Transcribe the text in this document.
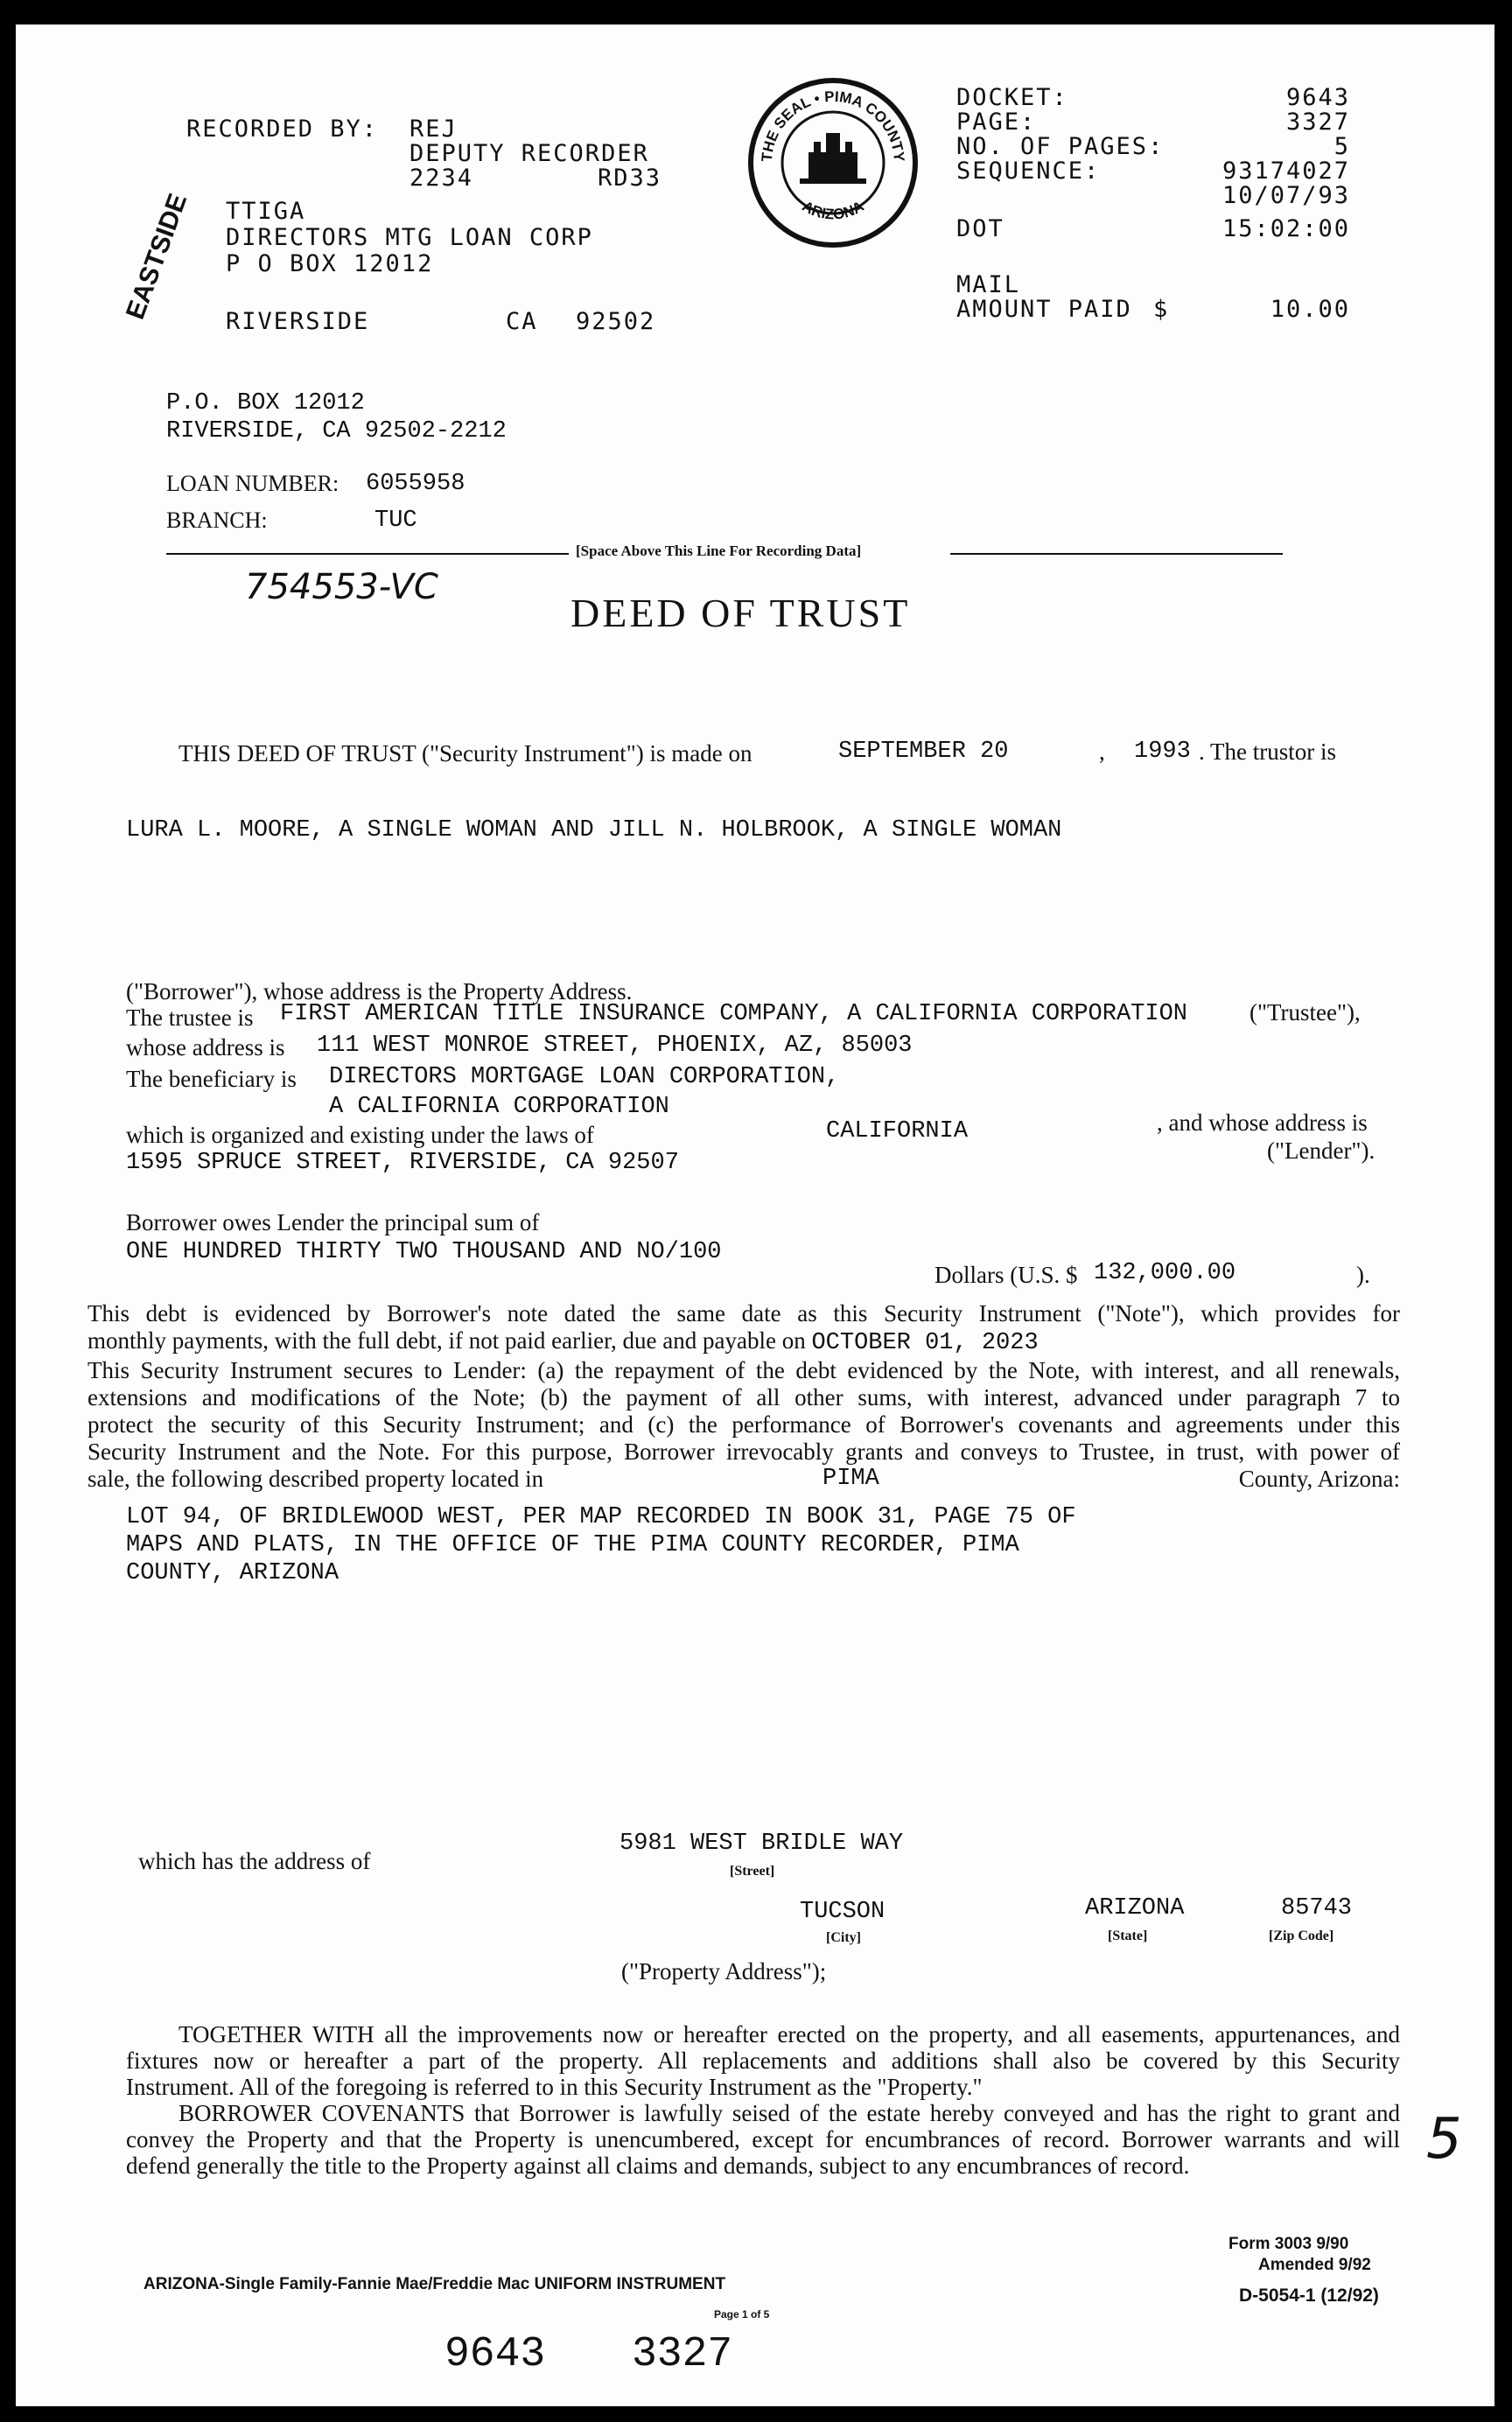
RECORDED BY: REJ
DEPUTY RECORDER
2234	RD33
TTIGA
DIRECTORS MTG LOAN CORP
P O BOX 12012
RIVERSIDE	CA 92502
EASTSIDE
DOCKET:	9643
PAGE:	3327
NO. OF PAGES:	5
SEQUENCE:	93174027
10/07/93
DOT	15:02:00
MAIL
AMOUNT PAID $	10.00
THE SEAL • PIMA COUNTY
ARIZONA
P.O. BOX 12012
RIVERSIDE, CA 92502-2212
LOAN NUMBER: 6055958
BRANCH:	TUC
[Space Above This Line For Recording Data]
754553-VC
DEED OF TRUST
THIS DEED OF TRUST ("Security Instrument") is made on	SEPTEMBER 20	, 1993 . The trustor is
LURA L. MOORE, A SINGLE WOMAN AND JILL N. HOLBROOK, A SINGLE WOMAN
("Borrower"), whose address is the Property Address.
The trustee is FIRST AMERICAN TITLE INSURANCE COMPANY, A CALIFORNIA CORPORATION	("Trustee"),
whose address is 111 WEST MONROE STREET, PHOENIX, AZ, 85003
The beneficiary is DIRECTORS MORTGAGE LOAN CORPORATION,
A CALIFORNIA CORPORATION
which is organized and existing under the laws of	CALIFORNIA	, and whose address is
1595 SPRUCE STREET, RIVERSIDE, CA 92507	("Lender").
Borrower owes Lender the principal sum of
ONE HUNDRED THIRTY TWO THOUSAND AND NO/100
Dollars (U.S. $ 132,000.00	).
This debt is evidenced by Borrower's note dated the same date as this Security Instrument ("Note"), which provides for
monthly payments, with the full debt, if not paid earlier, due and payable on OCTOBER 01, 2023
This Security Instrument secures to Lender: (a) the repayment of the debt evidenced by the Note, with interest, and all renewals,
extensions and modifications of the Note; (b) the payment of all other sums, with interest, advanced under paragraph 7 to
protect the security of this Security Instrument; and (c) the performance of Borrower's covenants and agreements under this
Security Instrument and the Note. For this purpose, Borrower irrevocably grants and conveys to Trustee, in trust, with power of
sale, the following described property located in	PIMA	County, Arizona:
LOT 94, OF BRIDLEWOOD WEST, PER MAP RECORDED IN BOOK 31, PAGE 75 OF
MAPS AND PLATS, IN THE OFFICE OF THE PIMA COUNTY RECORDER, PIMA
COUNTY, ARIZONA
which has the address of
5981 WEST BRIDLE WAY
[Street]
TUCSON
[City]
ARIZONA
[State]
85743
[Zip Code]
("Property Address");
TOGETHER WITH all the improvements now or hereafter erected on the property, and all easements, appurtenances, and
fixtures now or hereafter a part of the property. All replacements and additions shall also be covered by this Security
Instrument. All of the foregoing is referred to in this Security Instrument as the "Property."
BORROWER COVENANTS that Borrower is lawfully seised of the estate hereby conveyed and has the right to grant and
convey the Property and that the Property is unencumbered, except for encumbrances of record. Borrower warrants and will
defend generally the title to the Property against all claims and demands, subject to any encumbrances of record.	5
Form 3003 9/90
Amended 9/92
ARIZONA-Single Family-Fannie Mae/Freddie Mac UNIFORM INSTRUMENT
Page 1 of 5
D-5054-1 (12/92)
9643 3327
